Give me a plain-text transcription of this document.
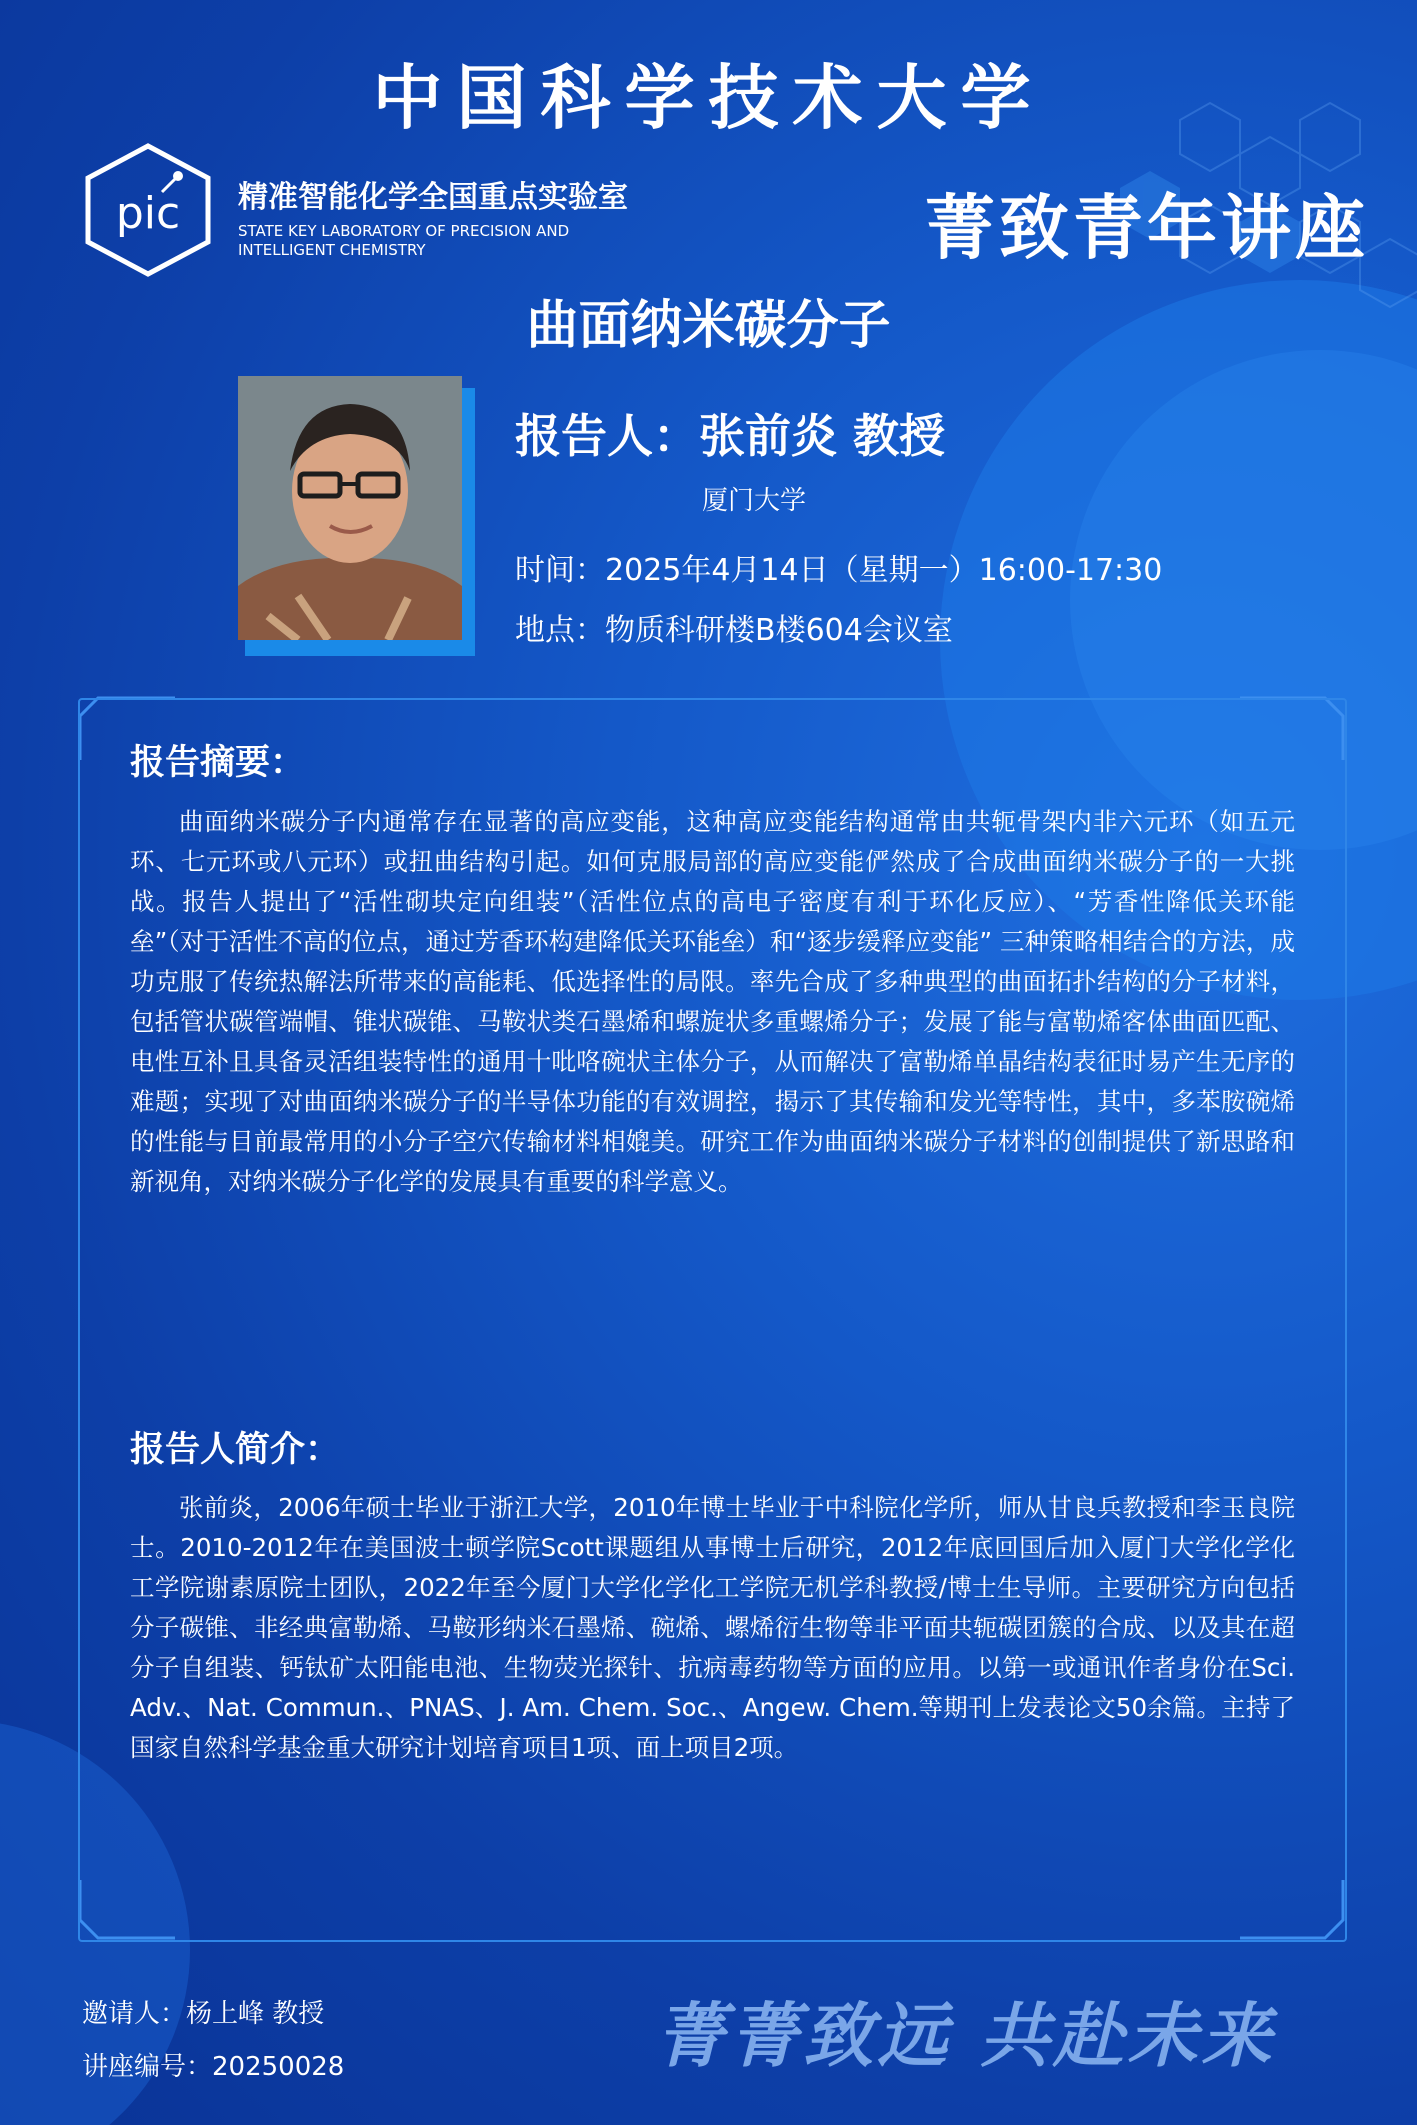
中国科学技术大学
pic 精准智能化学全国重点实验室
STATE KEY LABORATORY OF PRECISION AND INTELLIGENT CHEMISTRY	菁致青年讲座
曲面纳米碳分子
报告人：张前炎 教授
厦门大学
时间：2025年4月14日（星期一）16:00-17:30
地点：物质科研楼B楼604会议室
报告摘要：
曲面纳米碳分子内通常存在显著的高应变能，这种高应变能结构通常由共轭骨架内非六元环（如五元环、七元环或八元环）或扭曲结构引起。如何克服局部的高应变能俨然成了合成曲面纳米碳分子的一大挑战。报告人提出了“活性砌块定向组装”（活性位点的高电子密度有利于环化反应）、“芳香性降低关环能垒”（对于活性不高的位点，通过芳香环构建降低关环能垒）和“逐步缓释应变能” 三种策略相结合的方法，成功克服了传统热解法所带来的高能耗、低选择性的局限。率先合成了多种典型的曲面拓扑结构的分子材料，包括管状碳管端帽、锥状碳锥、马鞍状类石墨烯和螺旋状多重螺烯分子；发展了能与富勒烯客体曲面匹配、电性互补且具备灵活组装特性的通用十吡咯碗状主体分子，从而解决了富勒烯单晶结构表征时易产生无序的难题；实现了对曲面纳米碳分子的半导体功能的有效调控，揭示了其传输和发光等特性，其中，多苯胺碗烯的性能与目前最常用的小分子空穴传输材料相媲美。研究工作为曲面纳米碳分子材料的创制提供了新思路和新视角，对纳米碳分子化学的发展具有重要的科学意义。
报告人简介：
张前炎，2006年硕士毕业于浙江大学，2010年博士毕业于中科院化学所，师从甘良兵教授和李玉良院士。2010-2012年在美国波士顿学院Scott课题组从事博士后研究，2012年底回国后加入厦门大学化学化工学院谢素原院士团队，2022年至今厦门大学化学化工学院无机学科教授/博士生导师。主要研究方向包括分子碳锥、非经典富勒烯、马鞍形纳米石墨烯、碗烯、螺烯衍生物等非平面共轭碳团簇的合成、以及其在超分子自组装、钙钛矿太阳能电池、生物荧光探针、抗病毒药物等方面的应用。以第一或通讯作者身份在Sci. Adv.、Nat. Commun.、PNAS、J. Am. Chem. Soc.、Angew. Chem.等期刊上发表论文50余篇。主持了国家自然科学基金重大研究计划培育项目1项、面上项目2项。
邀请人：杨上峰 教授
讲座编号：20250028	菁菁致远 共赴未来
